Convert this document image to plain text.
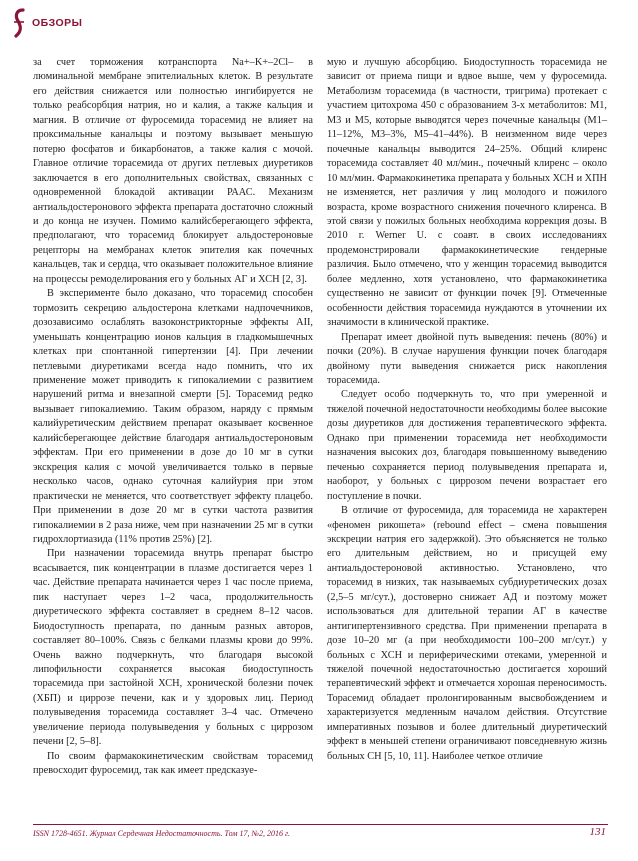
ОБЗОРЫ

за счет торможения котранспорта Na+–K+–2Cl– в люминальной мембране эпителиальных клеток. В результате его действия снижается или полностью ингибируется не только реабсорбция натрия, но и калия, а также кальция и магния. В отличие от фуросемида торасемид не влияет на проксимальные канальцы и поэтому вызывает меньшую потерю фосфатов и бикарбонатов, а также калия с мочой. Главное отличие торасемида от других петлевых диуретиков заключается в его дополнительных свойствах, связанных с одновременной блокадой активации РААС. Механизм антиальдостеронового эффекта препарата достаточно сложный и до конца не изучен. Помимо калийсберегающего эффекта, предполагают, что торасемид блокирует альдостероновые рецепторы на мембранах клеток эпителия как почечных канальцев, так и сердца, что оказывает положительное влияние на процессы ремоделирования его у больных АГ и ХСН [2, 3].

В эксперименте было доказано, что торасемид способен тормозить секрецию альдостерона клетками надпочечников, дозозависимо ослаблять вазоконстрикторные эффекты АII, уменьшать концентрацию ионов кальция в гладкомышечных клетках при спонтанной гипертензии [4]. При лечении петлевыми диуретиками всегда надо помнить, что их применение может приводить к гипокалиемии с развитием нарушений ритма и внезапной смерти [5]. Торасемид редко вызывает гипокалиемию. Таким образом, наряду с прямым калийуретическим действием препарат оказывает косвенное калийсберегающее действие благодаря антиальдостероновым эффектам. При его применении в дозе до 10 мг в сутки экскреция калия с мочой увеличивается только в первые несколько часов, однако суточная калийурия при этом практически не меняется, что соответствует эффекту плацебо. При применении в дозе 20 мг в сутки частота развития гипокалиемии в 2 раза ниже, чем при назначении 25 мг в сутки гидрохлортиазида (11% против 25%) [2].

При назначении торасемида внутрь препарат быстро всасывается, пик концентрации в плазме достигается через 1 час. Действие препарата начинается через 1 час после приема, пик наступает через 1–2 часа, продолжительность диуретического эффекта составляет в среднем 8–12 часов. Биодоступность препарата, по данным разных авторов, составляет 80–100%. Связь с белками плазмы крови до 99%. Очень важно подчеркнуть, что благодаря высокой липофильности сохраняется высокая биодоступность торасемида при застойной ХСН, хронической болезни почек (ХБП) и циррозе печени, как и у здоровых лиц. Период полувыведения торасемида составляет 3–4 час. Отмечено увеличение периода полувыведения у больных с циррозом печени [2, 5–8].

По своим фармакокинетическим свойствам торасемид превосходит фуросемид, так как имеет предсказуе-

мую и лучшую абсорбцию. Биодоступность торасемида не зависит от приема пищи и вдвое выше, чем у фуросемида. Метаболизм торасемида (в частности, тригрима) протекает с участием цитохрома 450 с образованием 3-х метаболитов: М1, М3 и М5, которые выводятся через почечные канальцы (М1–11–12%, М3–3%, М5–41–44%). В неизменном виде через почечные канальцы выводится 24–25%. Общий клиренс торасемида составляет 40 мл/мин., почечный клиренс – около 10 мл/мин. Фармакокинетика препарата у больных ХСН и ХПН не изменяется, нет различия у лиц молодого и пожилого возраста, кроме возрастного снижения почечного клиренса. В этой связи у пожилых больных необходима коррекция дозы. В 2010 г. Werner U. с соавт. в своих исследованиях продемонстрировали фармакокинетические гендерные различия. Было отмечено, что у женщин торасемид выводится более медленно, хотя установлено, что фармакокинетика существенно не зависит от функции почек [9]. Отмеченные особенности действия торасемида нуждаются в уточнении их значимости в клинической практике.

Препарат имеет двойной путь выведения: печень (80%) и почки (20%). В случае нарушения функции почек благодаря двойному пути выведения снижается риск накопления торасемида.

Следует особо подчеркнуть то, что при умеренной и тяжелой почечной недостаточности необходимы более высокие дозы диуретиков для достижения терапевтического эффекта. Однако при применении торасемида нет необходимости назначения высоких доз, благодаря повышенному выведению печенью сохраняется период полувыведения препарата и, наоборот, у больных с циррозом печени возрастает его поступление в почки.

В отличие от фуросемида, для торасемида не характерен «феномен рикошета» (rebound effect – смена повышения экскреции натрия его задержкой). Это объясняется не только его длительным действием, но и присущей ему антиальдостероновой активностью. Установлено, что торасемид в низких, так называемых субдиуретических дозах (2,5–5 мг/сут.), достоверно снижает АД и поэтому может использоваться для длительной терапии АГ в качестве антигипертензивного средства. При применении препарата в дозе 10–20 мг (а при необходимости 100–200 мг/сут.) у больных с ХСН и периферическими отеками, умеренной и тяжелой почечной недостаточностью достигается хороший терапевтический эффект и отмечается хорошая переносимость. Торасемид обладает пролонгированным высвобождением и характеризуется медленным началом действия. Отсутствие императивных позывов и более длительный диуретический эффект в меньшей степени ограничивают повседневную жизнь больных СН [5, 10, 11]. Наиболее четкое отличие

ISSN 1728-4651. Журнал Сердечная Недостаточность. Том 17, №2, 2016 г.	131
